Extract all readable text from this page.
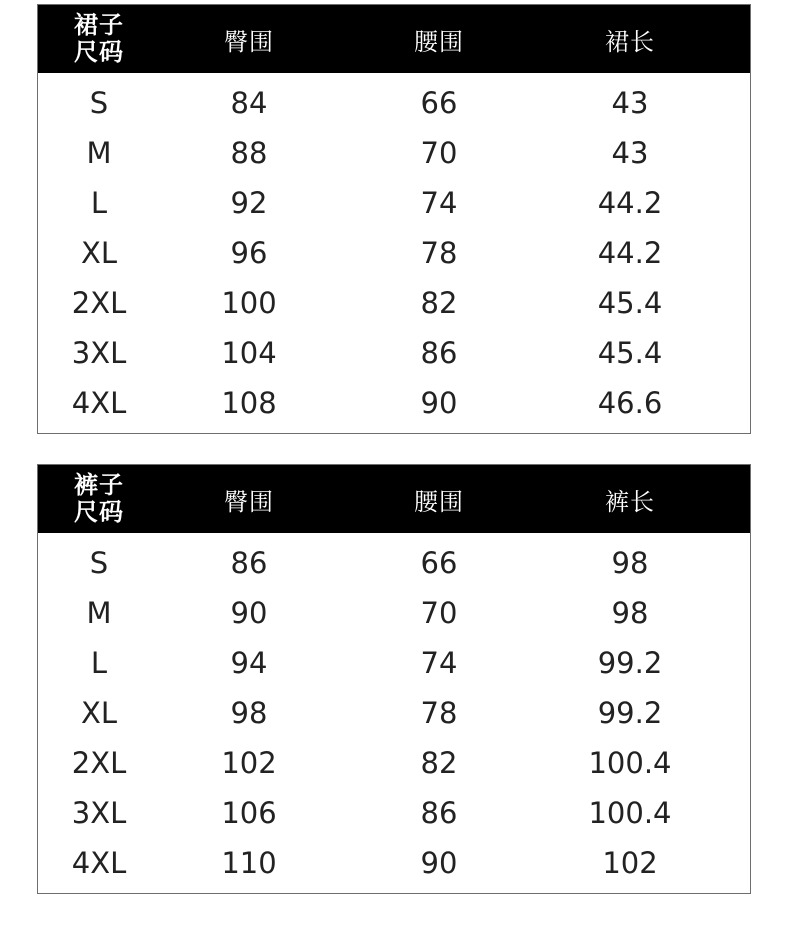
裙子
尺码	臀围	腰围	裙长
S	84	66	43
M	88	70	43
L	92	74	44.2
XL	96	78	44.2
2XL	100	82	45.4
3XL	104	86	45.4
4XL	108	90	46.6
裤子
尺码	臀围	腰围	裤长
S	86	66	98
M	90	70	98
L	94	74	99.2
XL	98	78	99.2
2XL	102	82	100.4
3XL	106	86	100.4
4XL	110	90	102
